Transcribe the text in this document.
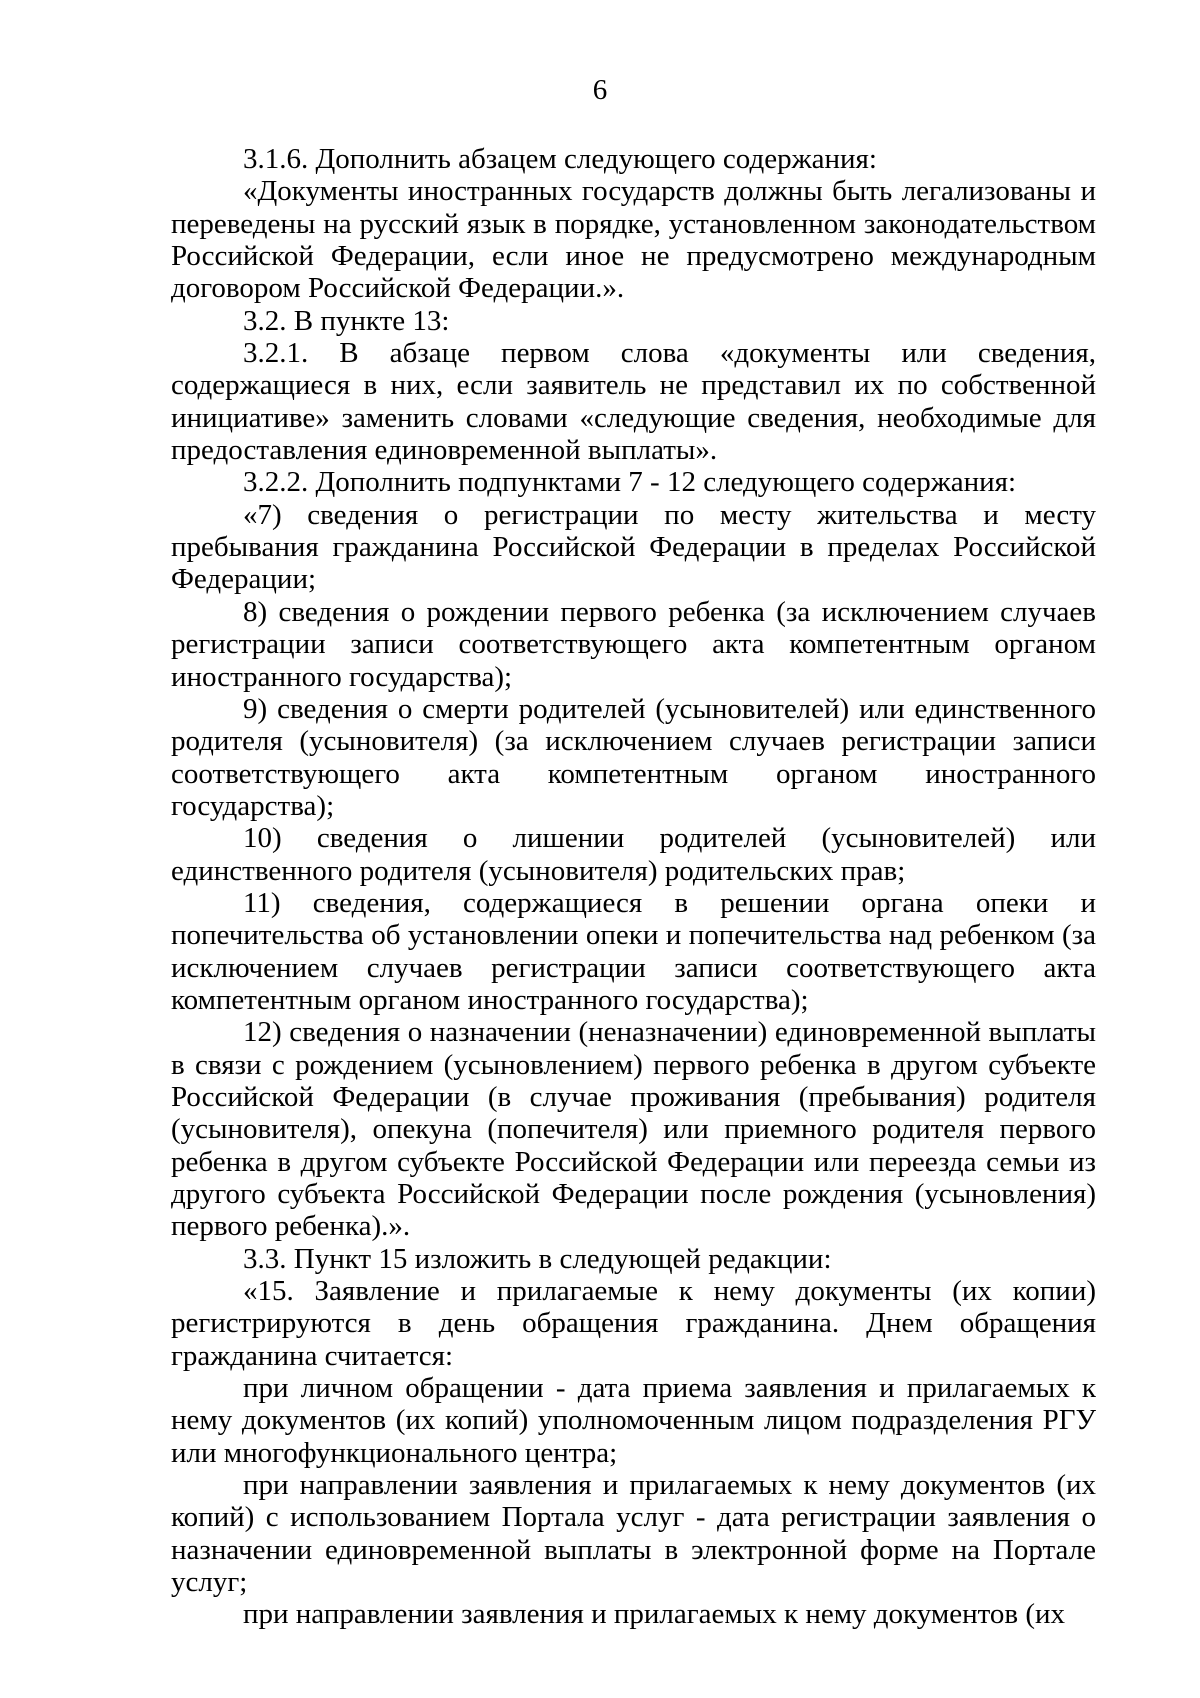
6

3.1.6. Дополнить абзацем следующего содержания:

«Документы иностранных государств должны быть легализованы и переведены на русский язык в порядке, установленном законодательством Российской Федерации, если иное не предусмотрено международным договором Российской Федерации.».

3.2. В пункте 13:

3.2.1. В абзаце первом слова «документы или сведения, содержащиеся в них, если заявитель не представил их по собственной инициативе» заменить словами «следующие сведения, необходимые для предоставления единовременной выплаты».

3.2.2. Дополнить подпунктами 7 - 12 следующего содержания:

«7) сведения о регистрации по месту жительства и месту пребывания гражданина Российской Федерации в пределах Российской Федерации;

8) сведения о рождении первого ребенка (за исключением случаев регистрации записи соответствующего акта компетентным органом иностранного государства);

9) сведения о смерти родителей (усыновителей) или единственного родителя (усыновителя) (за исключением случаев регистрации записи соответствующего акта компетентным органом иностранного государства);

10) сведения о лишении родителей (усыновителей) или единственного родителя (усыновителя) родительских прав;

11) сведения, содержащиеся в решении органа опеки и попечительства об установлении опеки и попечительства над ребенком (за исключением случаев регистрации записи соответствующего акта компетентным органом иностранного государства);

12) сведения о назначении (неназначении) единовременной выплаты в связи с рождением (усыновлением) первого ребенка в другом субъекте Российской Федерации (в случае проживания (пребывания) родителя (усыновителя), опекуна (попечителя) или приемного родителя первого ребенка в другом субъекте Российской Федерации или переезда семьи из другого субъекта Российской Федерации после рождения (усыновления) первого ребенка).».

3.3. Пункт 15 изложить в следующей редакции:

«15. Заявление и прилагаемые к нему документы (их копии) регистрируются в день обращения гражданина. Днем обращения гражданина считается:

при личном обращении - дата приема заявления и прилагаемых к нему документов (их копий) уполномоченным лицом подразделения РГУ или многофункционального центра;

при направлении заявления и прилагаемых к нему документов (их копий) с использованием Портала услуг - дата регистрации заявления о назначении единовременной выплаты в электронной форме на Портале услуг;

при направлении заявления и прилагаемых к нему документов (их
